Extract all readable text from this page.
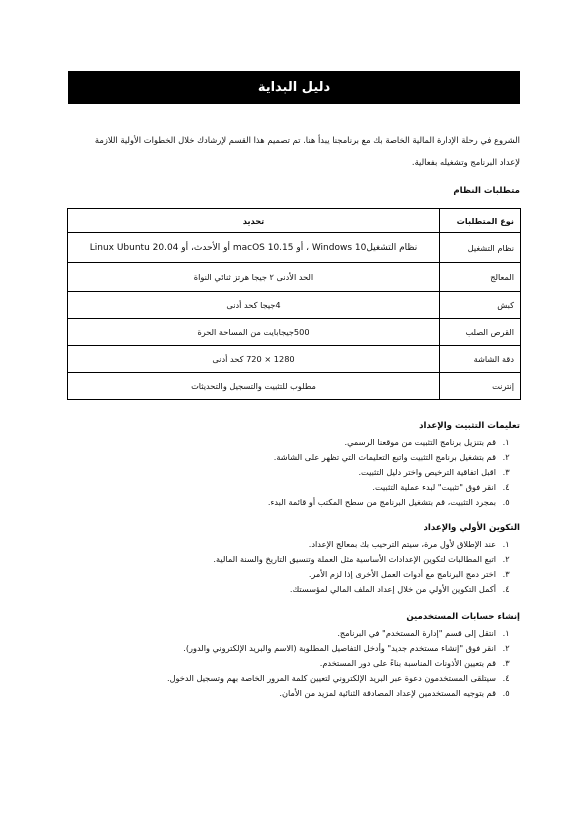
دليل البداية

الشروع في رحلة الإدارة المالية الخاصة بك مع برنامجنا يبدأ هنا. تم تصميم هذا القسم لإرشادك خلال الخطوات الأولية اللازمة

لإعداد البرنامج وتشغيله بفعالية.

متطلبات النظام
نوع المتطلبات	تحديد
نظام التشغيل	نظام التشغيلWindows 10 ، أو macOS 10.15 أو الأحدث، أو Linux Ubuntu 20.04
المعالج	الحد الأدنى ٢ جيجا هرتز ثنائي النواة
كبش	4جيجا كحد أدنى
القرص الصلب	500جيجابايت من المساحة الحرة
دقة الشاشة	1280 × 720 كحد أدنى
إنترنت	مطلوب للتثبيت والتسجيل والتحديثات
تعليمات التثبيت والإعداد
1. قم بتنزيل برنامج التثبيت من موقعنا الرسمي.
2. قم بتشغيل برنامج التثبيت واتبع التعليمات التي تظهر على الشاشة.
3. اقبل اتفاقية الترخيص واختر دليل التثبيت.
4. انقر فوق "تثبيت" لبدء عملية التثبيت.
5. بمجرد التثبيت، قم بتشغيل البرنامج من سطح المكتب أو قائمة البدء.
التكوين الأولي والإعداد
1. عند الإطلاق لأول مرة، سيتم الترحيب بك بمعالج الإعداد.
2. اتبع المطالبات لتكوين الإعدادات الأساسية مثل العملة وتنسيق التاريخ والسنة المالية.
3. اختر دمج البرنامج مع أدوات العمل الأخرى إذا لزم الأمر.
4. أكمل التكوين الأولي من خلال إعداد الملف المالي لمؤسستك.
إنشاء حسابات المستخدمين
1. انتقل إلى قسم "إدارة المستخدم" في البرنامج.
2. انقر فوق "إنشاء مستخدم جديد" وأدخل التفاصيل المطلوبة (الاسم والبريد الإلكتروني والدور).
3. قم بتعيين الأذونات المناسبة بناءً على دور المستخدم.
4. سيتلقى المستخدمون دعوة عبر البريد الإلكتروني لتعيين كلمة المرور الخاصة بهم وتسجيل الدخول.
5. قم بتوجيه المستخدمين لإعداد المصادقة الثنائية لمزيد من الأمان.
